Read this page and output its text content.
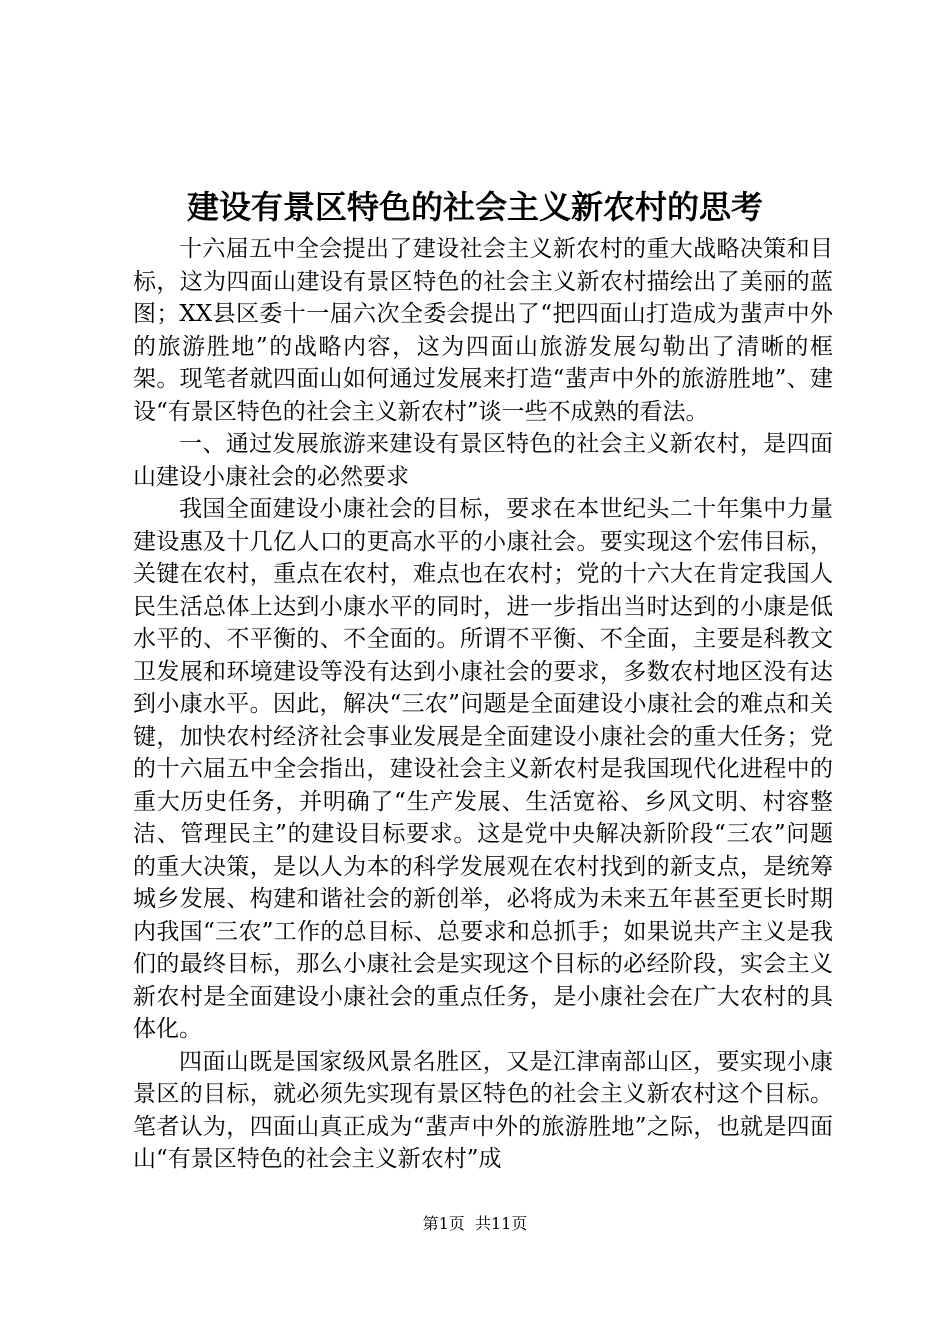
建设有景区特色的社会主义新农村的思考

十六届五中全会提出了建设社会主义新农村的重大战略决策和目标，这为四面山建设有景区特色的社会主义新农村描绘出了美丽的蓝图；XX县区委十一届六次全委会提出了“把四面山打造成为蜚声中外的旅游胜地”的战略内容，这为四面山旅游发展勾勒出了清晰的框架。现笔者就四面山如何通过发展来打造“蜚声中外的旅游胜地”、建设“有景区特色的社会主义新农村”谈一些不成熟的看法。

一、通过发展旅游来建设有景区特色的社会主义新农村，是四面山建设小康社会的必然要求

我国全面建设小康社会的目标，要求在本世纪头二十年集中力量建设惠及十几亿人口的更高水平的小康社会。要实现这个宏伟目标，关键在农村，重点在农村，难点也在农村；党的十六大在肯定我国人民生活总体上达到小康水平的同时，进一步指出当时达到的小康是低水平的、不平衡的、不全面的。所谓不平衡、不全面，主要是科教文卫发展和环境建设等没有达到小康社会的要求，多数农村地区没有达到小康水平。因此，解决“三农”问题是全面建设小康社会的难点和关键，加快农村经济社会事业发展是全面建设小康社会的重大任务；党的十六届五中全会指出，建设社会主义新农村是我国现代化进程中的重大历史任务，并明确了“生产发展、生活宽裕、乡风文明、村容整洁、管理民主”的建设目标要求。这是党中央解决新阶段“三农”问题的重大决策，是以人为本的科学发展观在农村找到的新支点，是统筹城乡发展、构建和谐社会的新创举，必将成为未来五年甚至更长时期内我国“三农”工作的总目标、总要求和总抓手；如果说共产主义是我们的最终目标，那么小康社会是实现这个目标的必经阶段，实会主义新农村是全面建设小康社会的重点任务，是小康社会在广大农村的具体化。

四面山既是国家级风景名胜区，又是江津南部山区，要实现小康景区的目标，就必须先实现有景区特色的社会主义新农村这个目标。笔者认为，四面山真正成为“蜚声中外的旅游胜地”之际，也就是四面山“有景区特色的社会主义新农村”成

第1页 共11页
